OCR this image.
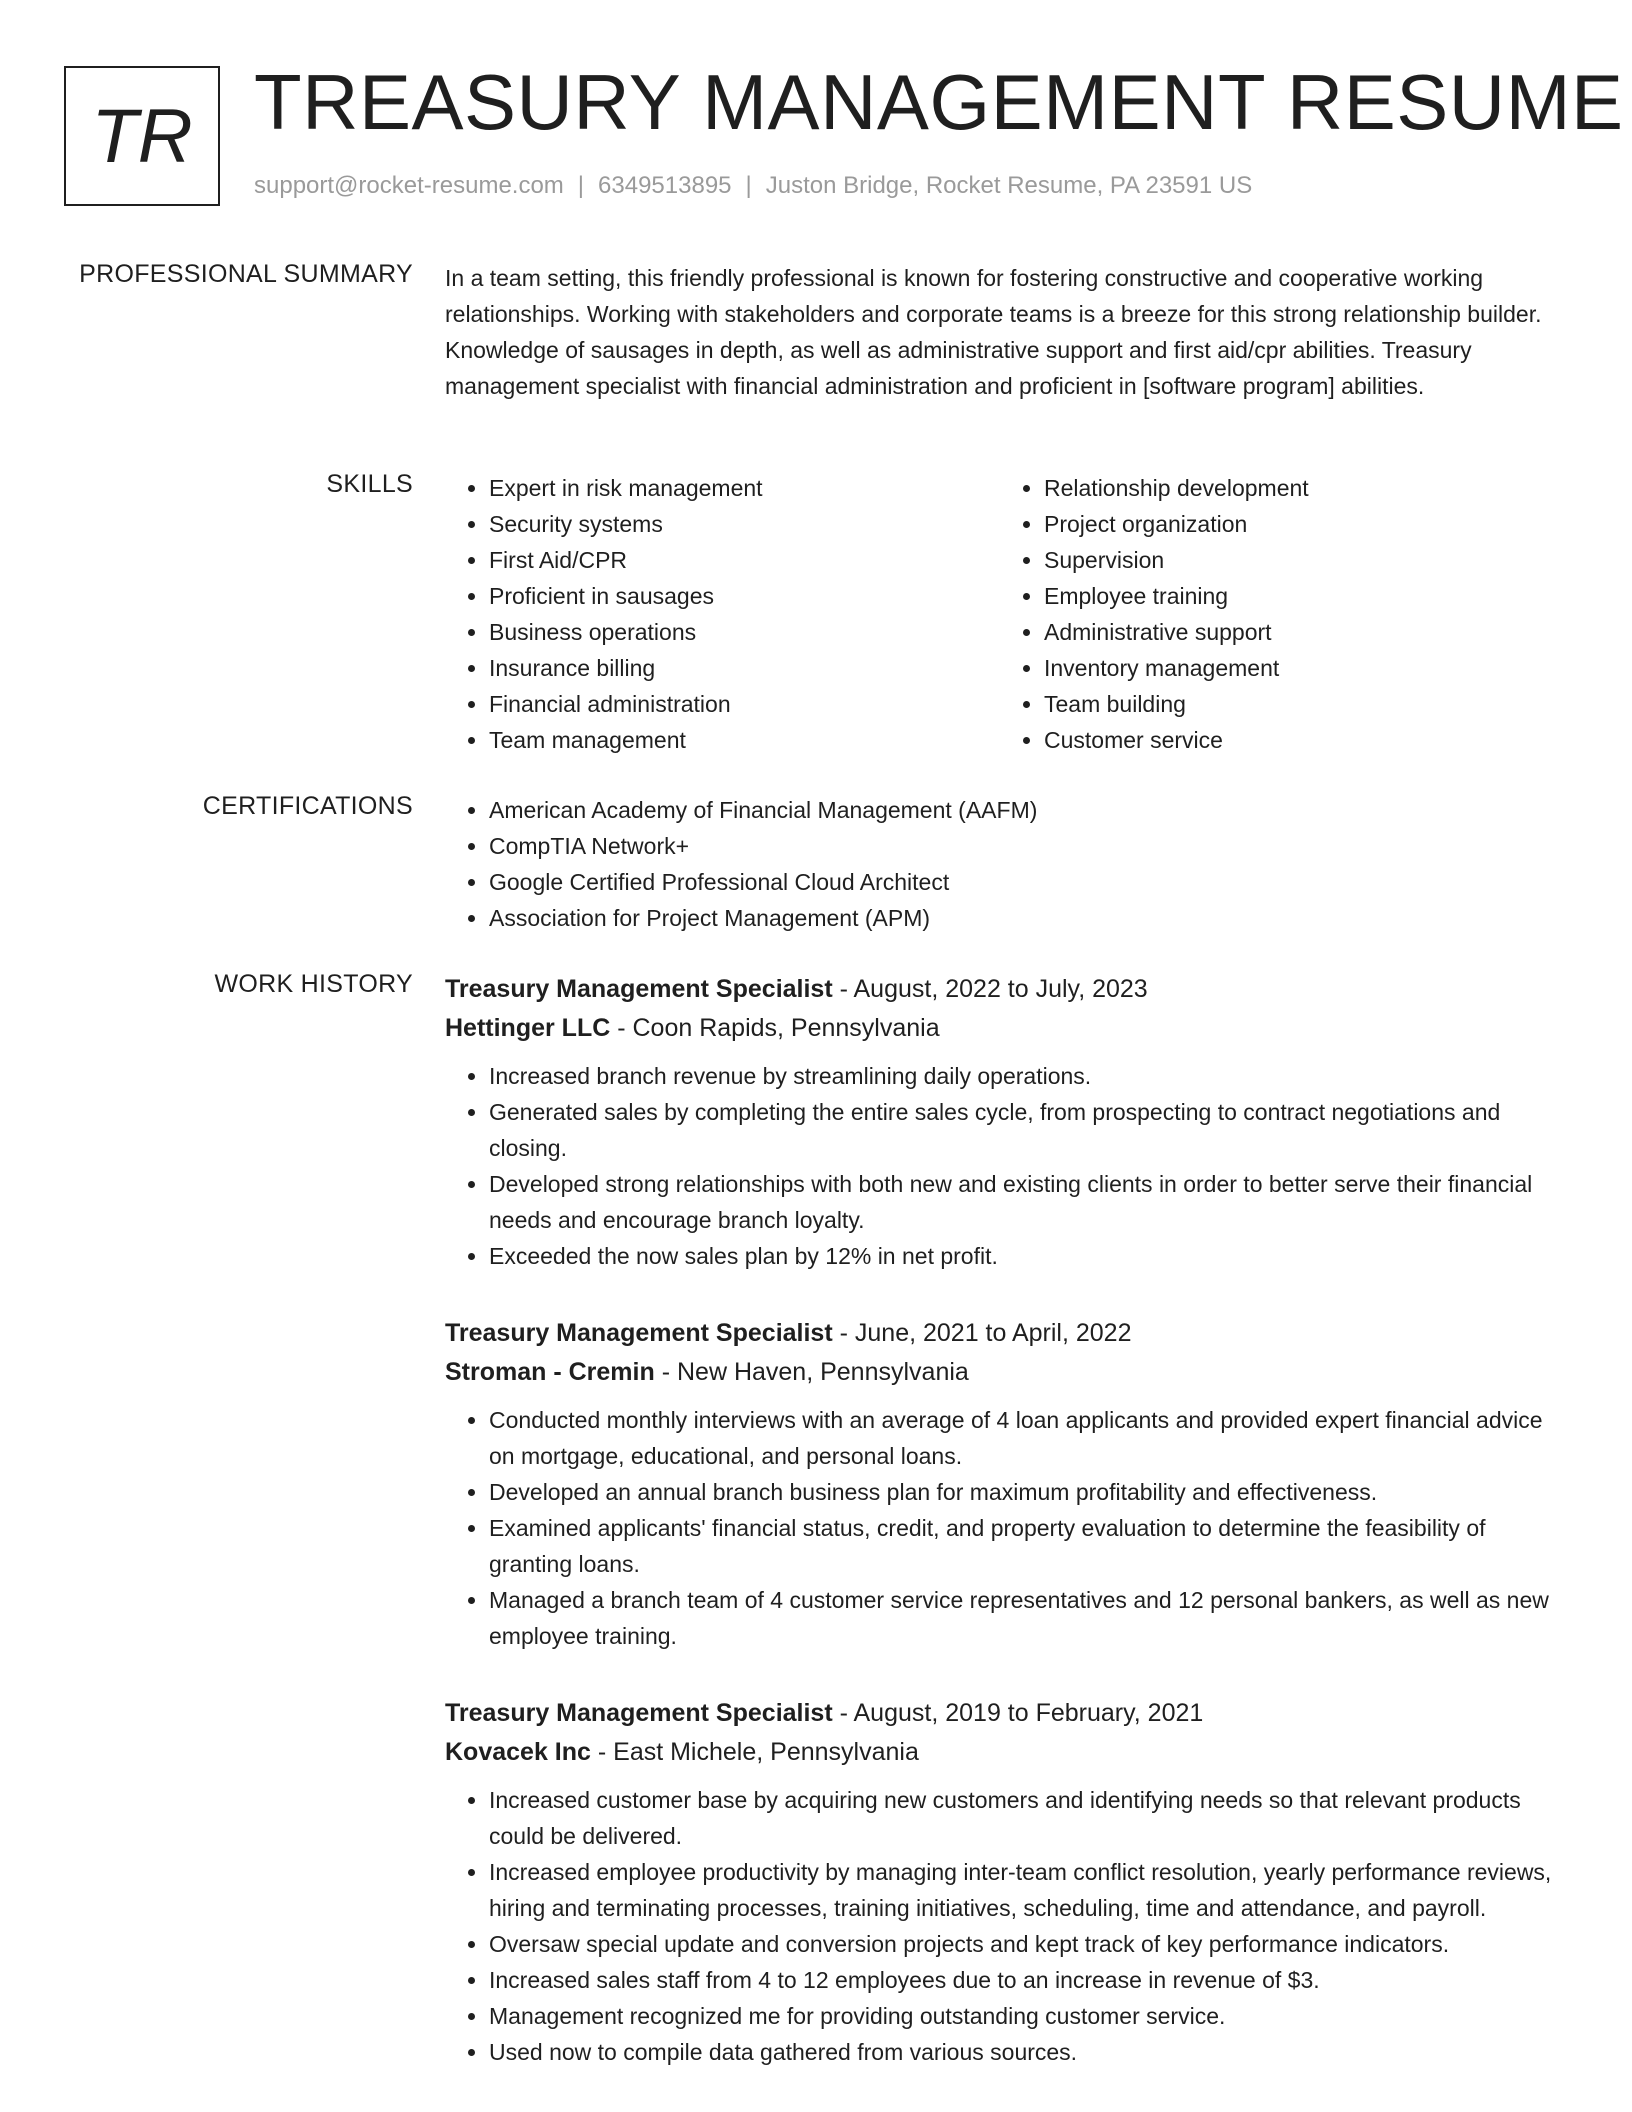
TR TREASURY MANAGEMENT RESUME
support@rocket-resume.com | 6349513895 | Juston Bridge, Rocket Resume, PA 23591 US
PROFESSIONAL SUMMARY In a team setting, this friendly professional is known for fostering constructive and cooperative working relationships. Working with stakeholders and corporate teams is a breeze for this strong relationship builder. Knowledge of sausages in depth, as well as administrative support and first aid/cpr abilities. Treasury management specialist with financial administration and proficient in [software program] abilities.

SKILLS	• Expert in risk management
• Security systems
• First Aid/CPR
• Proficient in sausages
• Business operations
• Insurance billing
• Financial administration
• Team management
• Relationship development
• Project organization
• Supervision
• Employee training
• Administrative support
• Inventory management
• Team building
• Customer service
CERTIFICATIONS	• American Academy of Financial Management (AAFM)
• CompTIA Network+
• Google Certified Professional Cloud Architect
• Association for Project Management (APM)
WORK HISTORY Treasury Management Specialist - August, 2022 to July, 2023
Hettinger LLC - Coon Rapids, Pennsylvania
• Increased branch revenue by streamlining daily operations.
• Generated sales by completing the entire sales cycle, from prospecting to contract negotiations and closing.
• Developed strong relationships with both new and existing clients in order to better serve their financial needs and encourage branch loyalty.
• Exceeded the now sales plan by 12% in net profit.
Treasury Management Specialist - June, 2021 to April, 2022
Stroman - Cremin - New Haven, Pennsylvania
• Conducted monthly interviews with an average of 4 loan applicants and provided expert financial advice on mortgage, educational, and personal loans.
• Developed an annual branch business plan for maximum profitability and effectiveness.
• Examined applicants' financial status, credit, and property evaluation to determine the feasibility of granting loans.
• Managed a branch team of 4 customer service representatives and 12 personal bankers, as well as new employee training.
Treasury Management Specialist - August, 2019 to February, 2021
Kovacek Inc - East Michele, Pennsylvania
• Increased customer base by acquiring new customers and identifying needs so that relevant products could be delivered.
• Increased employee productivity by managing inter-team conflict resolution, yearly performance reviews, hiring and terminating processes, training initiatives, scheduling, time and attendance, and payroll.
• Oversaw special update and conversion projects and kept track of key performance indicators.
• Increased sales staff from 4 to 12 employees due to an increase in revenue of $3.
• Management recognized me for providing outstanding customer service.
• Used now to compile data gathered from various sources.
